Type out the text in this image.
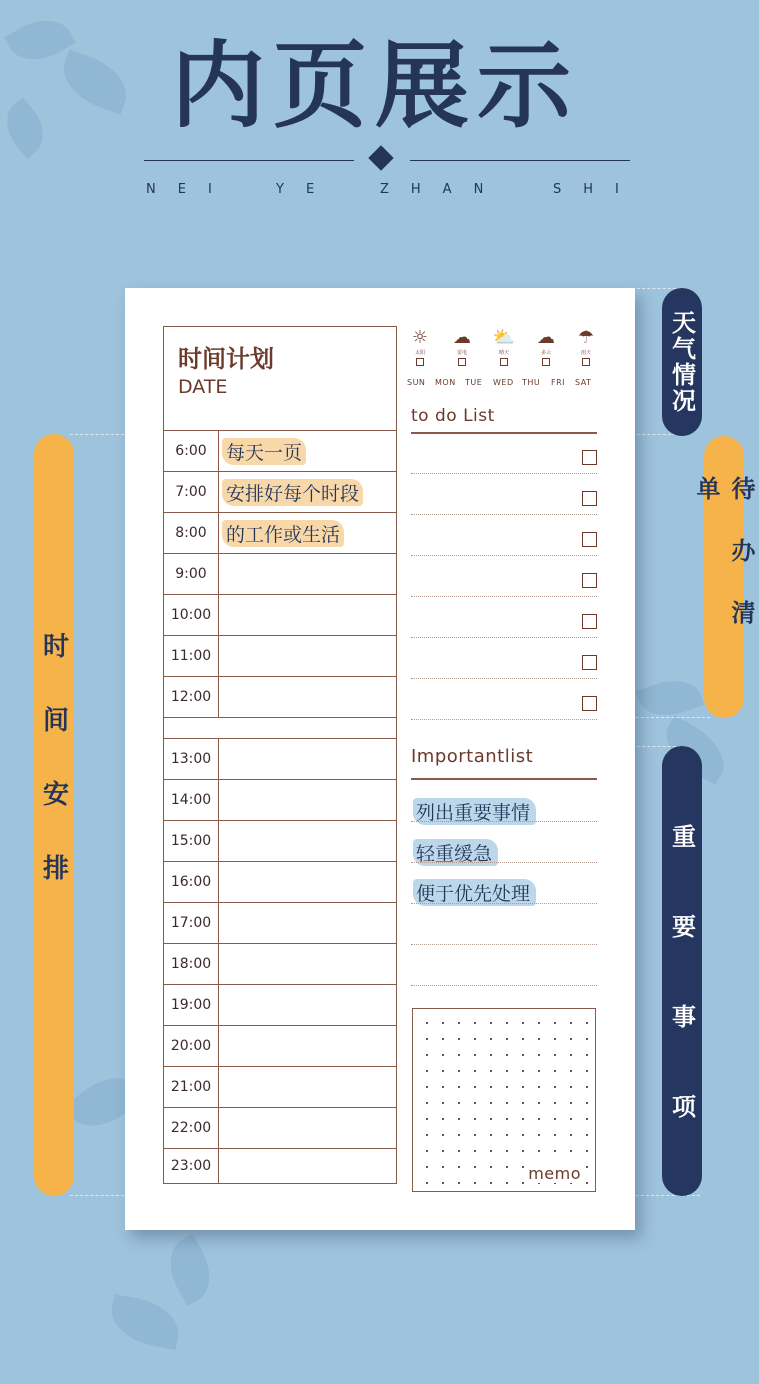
内页展示
NEI	YE	ZHAN	SHI
时间安排
天气情况
待办清单
重要事项
时间计划
DATE
6:00	每天一页
7:00	安排好每个时段
8:00	的工作或生活
9:00
10:00
11:00
12:00
13:00
14:00
15:00
16:00
17:00
18:00
19:00
20:00
21:00
22:00
23:00
☼
太阳
☁
雷电
⛅
晴天
☁
多云
☂
雨天
SUN MON TUE WED THU FRI SAT
to do List
Importantlist
列出重要事情
轻重缓急
便于优先处理
memo
